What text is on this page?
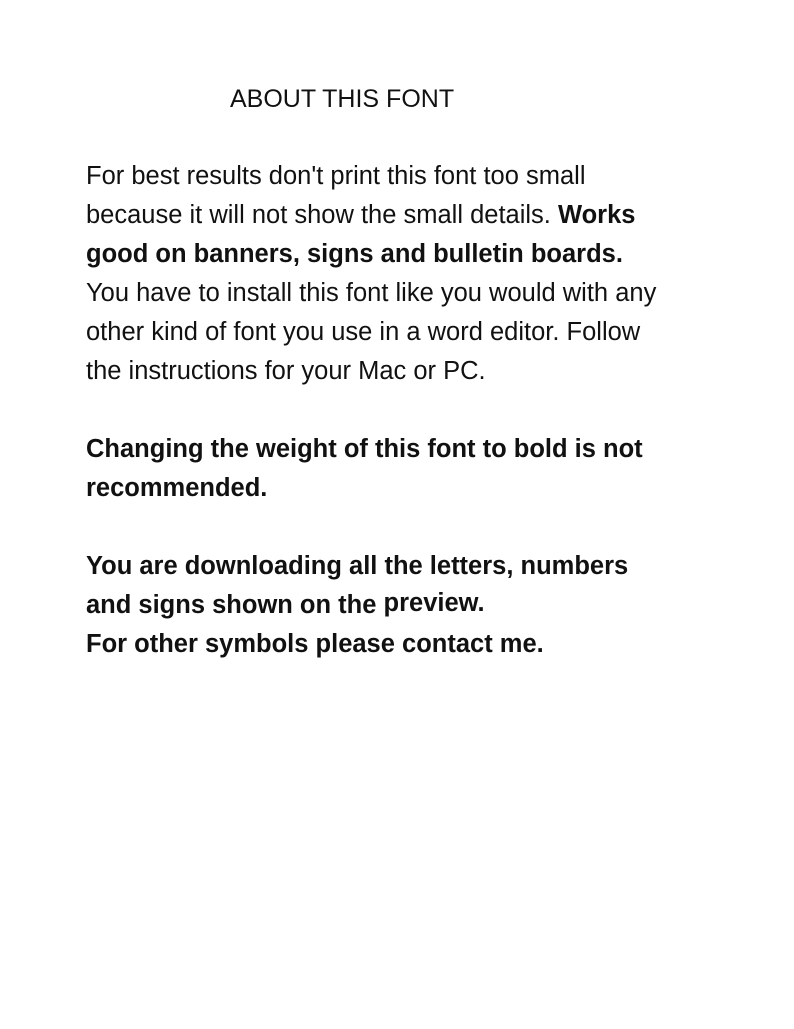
ABOUT THIS FONT
For best results don't print this font too small
because it will not show the small details. Works
good on banners, signs and bulletin boards.
You have to install this font like you would with any
other kind of font you use in a word editor. Follow
the instructions for your Mac or PC.
Changing the weight of this font to bold is not
recommended.
You are downloading all the letters, numbers
and signs shown on the preview.
For other symbols please contact me.
